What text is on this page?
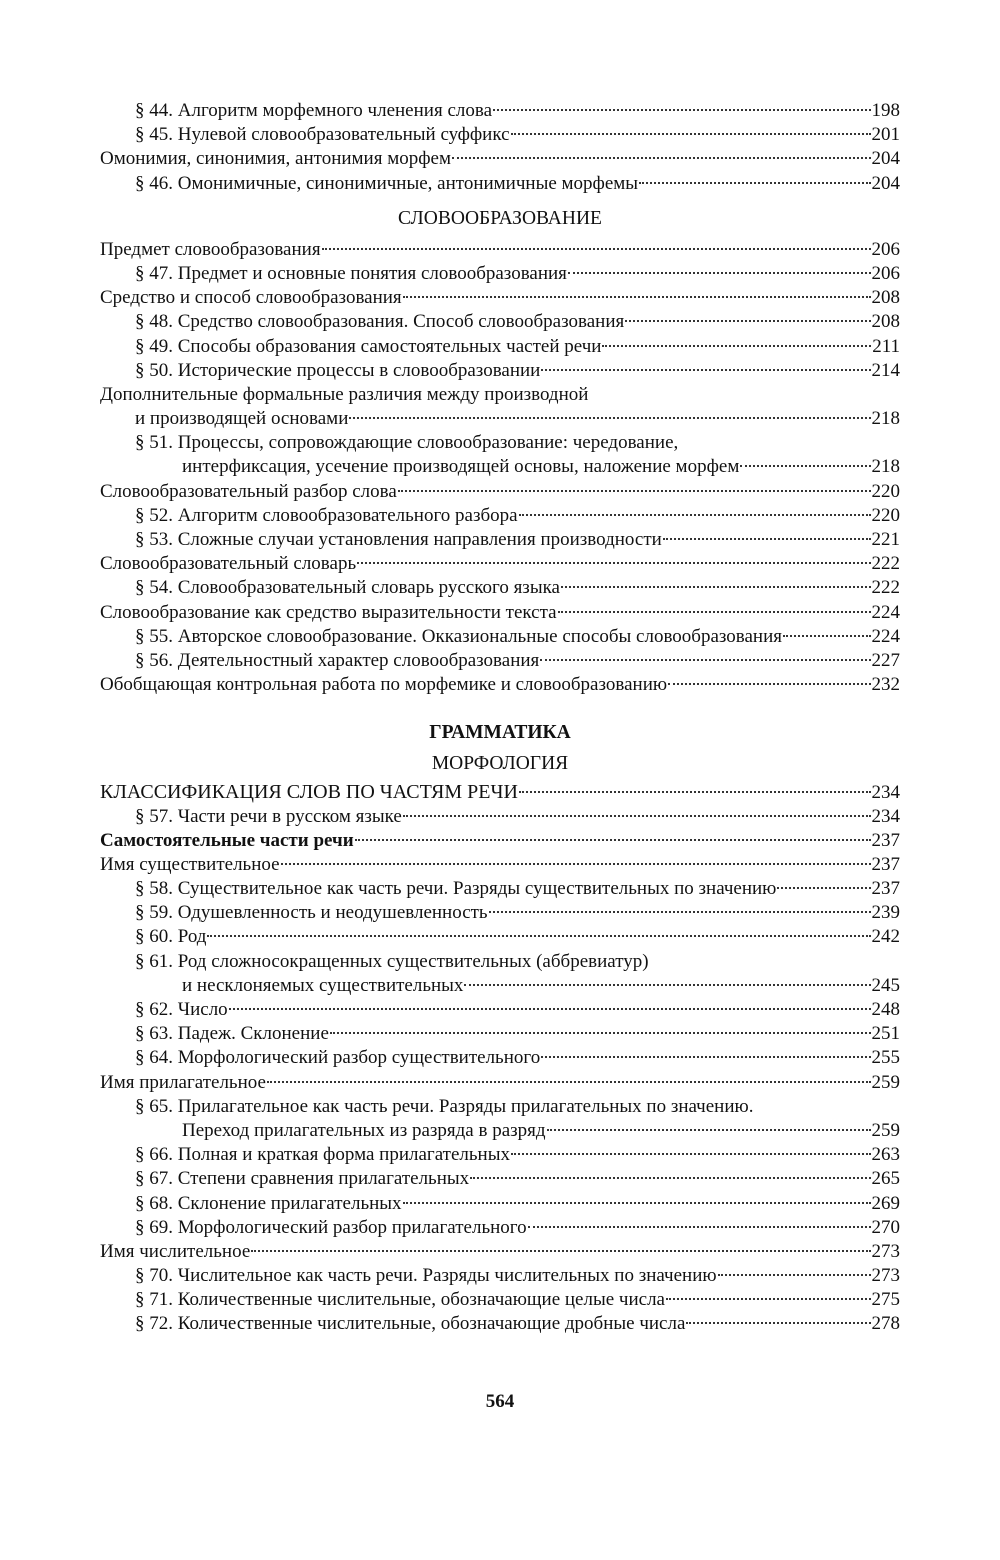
§ 44. Алгоритм морфемного членения слова	198
§ 45. Нулевой словообразовательный суффикс	201
Омонимия, синонимия, антонимия морфем	204
§ 46. Омонимичные, синонимичные, антонимичные морфемы	204
СЛОВООБРАЗОВАНИЕ
Предмет словообразования	206
§ 47. Предмет и основные понятия словообразования	206
Средство и способ словообразования	208
§ 48. Средство словообразования. Способ словообразования	208
§ 49. Способы образования самостоятельных частей речи	211
§ 50. Исторические процессы в словообразовании	214
Дополнительные формальные различия между производной
и производящей основами	218
§ 51. Процессы, сопровождающие словообразование: чередование,
интерфиксация, усечение производящей основы, наложение морфем	218
Словообразовательный разбор слова	220
§ 52. Алгоритм словообразовательного разбора	220
§ 53. Сложные случаи установления направления производности	221
Словообразовательный словарь	222
§ 54. Словообразовательный словарь русского языка	222
Словообразование как средство выразительности текста	224
§ 55. Авторское словообразование. Окказиональные способы словообразования	224
§ 56. Деятельностный характер словообразования	227
Обобщающая контрольная работа по морфемике и словообразованию	232
ГРАММАТИКА
МОРФОЛОГИЯ
КЛАССИФИКАЦИЯ СЛОВ ПО ЧАСТЯМ РЕЧИ	234
§ 57. Части речи в русском языке	234
Самостоятельные части речи	237
Имя существительное	237
§ 58. Существительное как часть речи. Разряды существительных по значению	237
§ 59. Одушевленность и неодушевленность	239
§ 60. Род	242
§ 61. Род сложносокращенных существительных (аббревиатур)
и несклоняемых существительных	245
§ 62. Число	248
§ 63. Падеж. Склонение	251
§ 64. Морфологический разбор существительного	255
Имя прилагательное	259
§ 65. Прилагательное как часть речи. Разряды прилагательных по значению.
Переход прилагательных из разряда в разряд	259
§ 66. Полная и краткая форма прилагательных	263
§ 67. Степени сравнения прилагательных	265
§ 68. Склонение прилагательных	269
§ 69. Морфологический разбор прилагательного	270
Имя числительное	273
§ 70. Числительное как часть речи. Разряды числительных по значению	273
§ 71. Количественные числительные, обозначающие целые числа	275
§ 72. Количественные числительные, обозначающие дробные числа	278
564
